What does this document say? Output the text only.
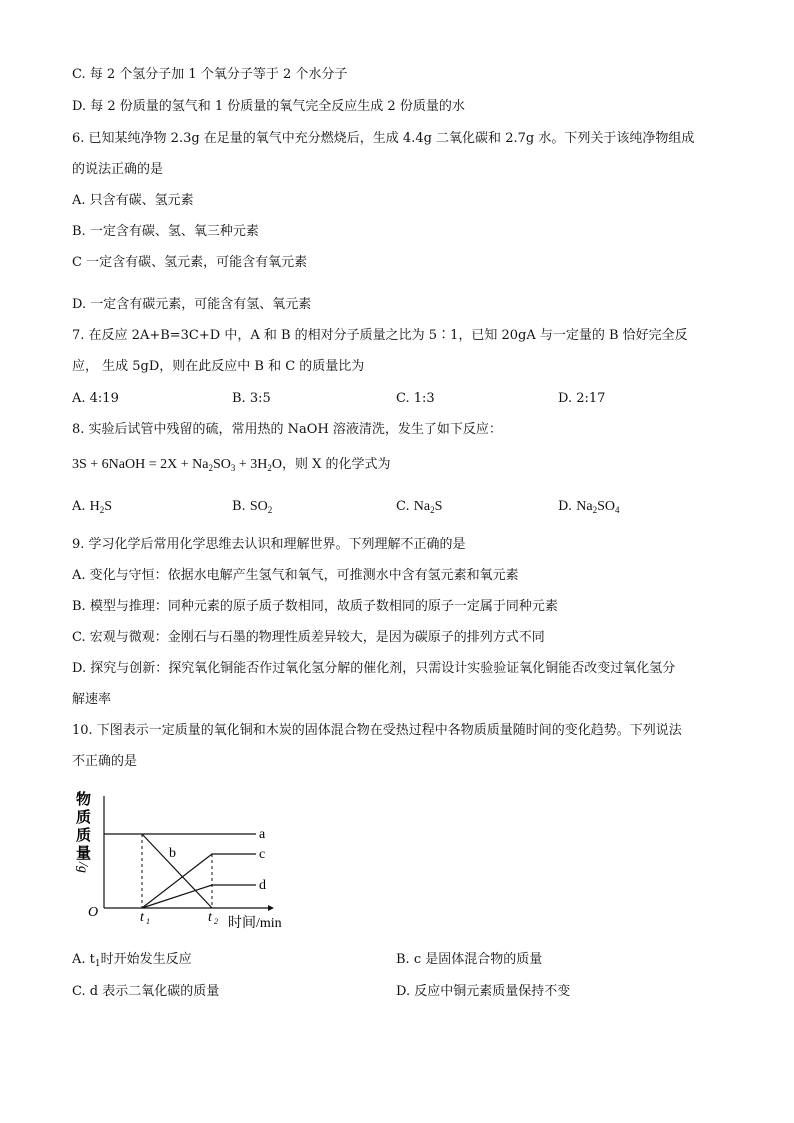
C. 每 2 个氢分子加 1 个氧分子等于 2 个水分子
D. 每 2 份质量的氢气和 1 份质量的氧气完全反应生成 2 份质量的水
6. 已知某纯净物 2.3g 在足量的氧气中充分燃烧后，生成 4.4g 二氧化碳和 2.7g 水。下列关于该纯净物组成
的说法正确的是
A. 只含有碳、氢元素
B. 一定含有碳、氢、氧三种元素
C 一定含有碳、氢元素，可能含有氧元素
D. 一定含有碳元素，可能含有氢、氧元素
7. 在反应 2A+B=3C+D 中，A 和 B 的相对分子质量之比为 5∶1，已知 20gA 与一定量的 B 恰好完全反
应， 生成 5gD，则在此反应中 B 和 C 的质量比为
A. 4:19	B. 3:5	C. 1:3	D. 2:17
8. 实验后试管中残留的硫，常用热的 NaOH 溶液清洗，发生了如下反应：
3S + 6NaOH = $2X + Na_2SO_3 + 3H_2O$，则 X 的化学式为
A. $H_2S$	B. $SO_2$	C. $Na_2S$	D. $Na_2SO_4$
9. 学习化学后常用化学思维去认识和理解世界。下列理解不正确的是
A. 变化与守恒：依据水电解产生氢气和氧气，可推测水中含有氢元素和氧元素
B. 模型与推理：同种元素的原子质子数相同，故质子数相同的原子一定属于同种元素
C. 宏观与微观：金刚石与石墨的物理性质差异较大，是因为碳原子的排列方式不同
D. 探究与创新：探究氧化铜能否作过氧化氢分解的催化剂，只需设计实验验证氧化铜能否改变过氧化氢分
解速率
10. 下图表示一定质量的氧化铜和木炭的固体混合物在受热过程中各物质质量随时间的变化趋势。下列说法
不正确的是
物
质
质
量
/g
O	t 1	t 2 时间/min
a
b	c
d
A. $t_1$时开始发生反应	B. c 是固体混合物的质量
C. d 表示二氧化碳的质量	D. 反应中铜元素质量保持不变
